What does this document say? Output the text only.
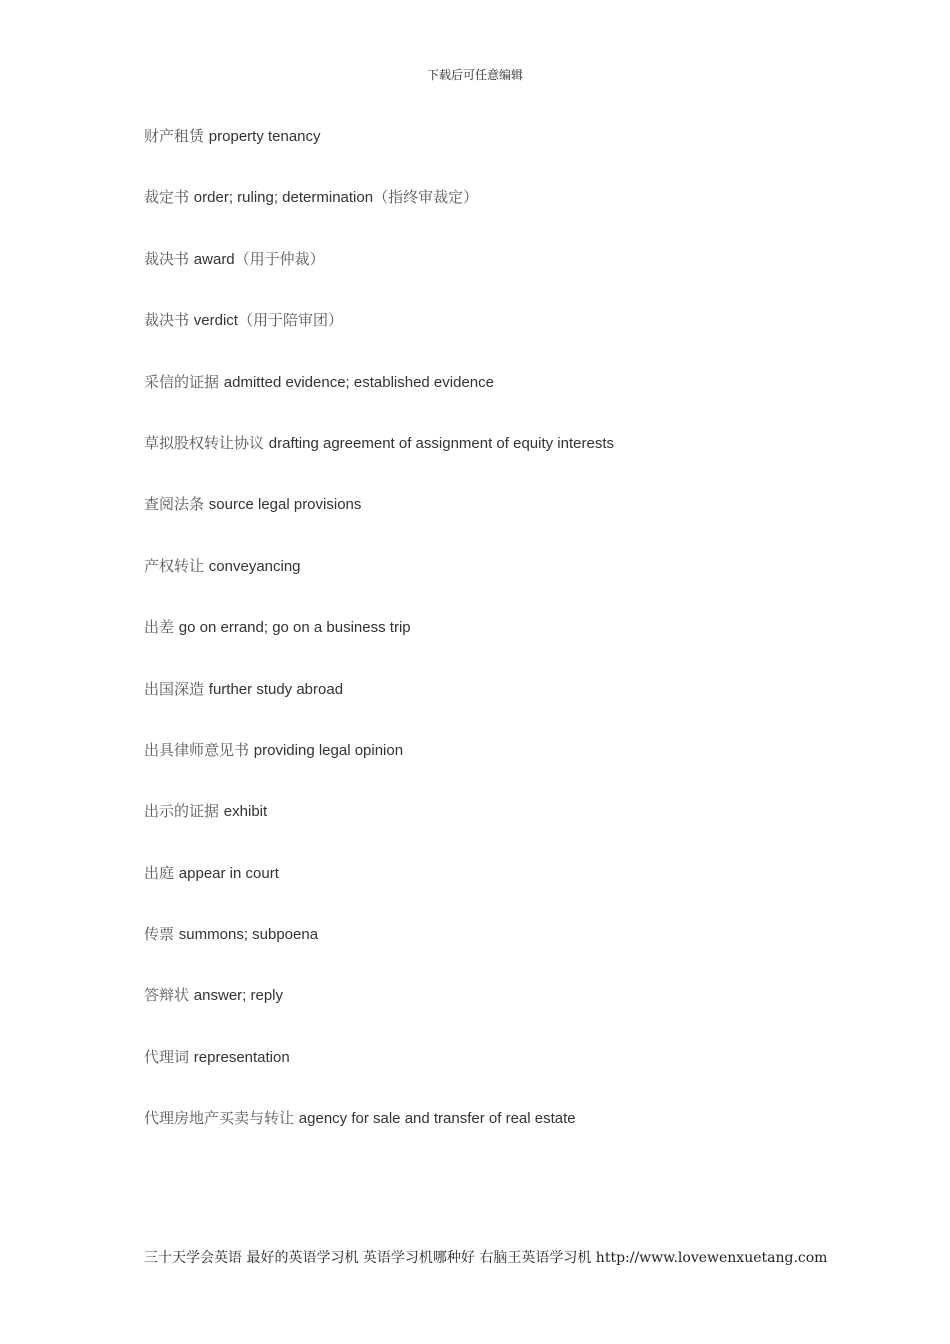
下载后可任意编辑
财产租赁 property tenancy
裁定书 order; ruling; determination（指终审裁定）
裁决书 award（用于仲裁）
裁决书 verdict（用于陪审团）
采信的证据 admitted evidence; established evidence
草拟股权转让协议 drafting agreement of assignment of equity interests
查阅法条 source legal provisions
产权转让 conveyancing
出差 go on errand; go on a business trip
出国深造 further study abroad
出具律师意见书 providing legal opinion
出示的证据 exhibit
出庭 appear in court
传票 summons; subpoena
答辩状 answer; reply
代理词 representation
代理房地产买卖与转让 agency for sale and transfer of real estate
三十天学会英语 最好的英语学习机 英语学习机哪种好 右脑王英语学习机 http://www.lovewenxuetang.com
